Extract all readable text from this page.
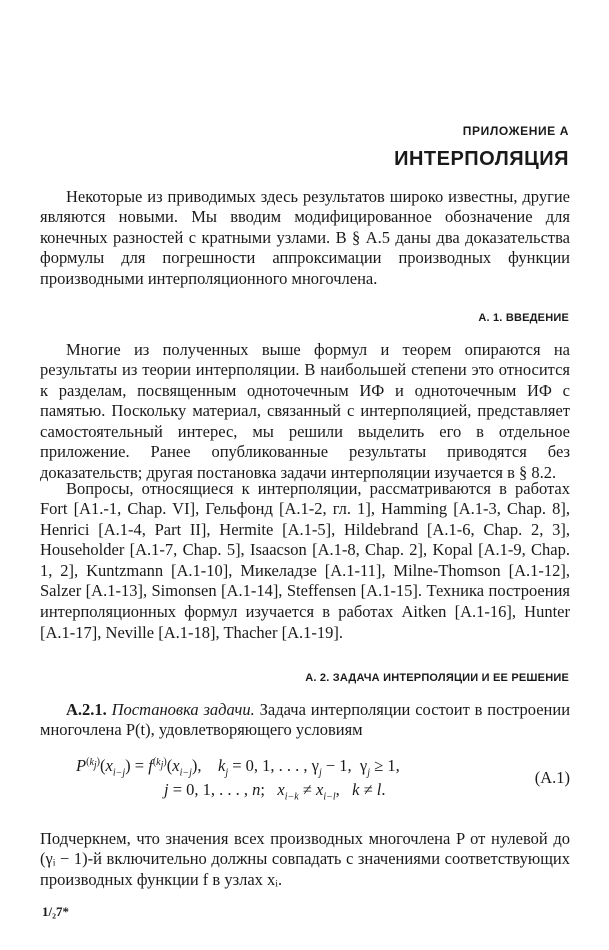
ПРИЛОЖЕНИЕ А
ИНТЕРПОЛЯЦИЯ

Некоторые из приводимых здесь результатов широко известны, другие являются новыми. Мы вводим модифицированное обозначение для конечных разностей с кратными узлами. В § А.5 даны два доказательства формулы для погрешности аппроксимации производных функции производными интерполяционного многочлена.

А. 1. ВВЕДЕНИЕ

Многие из полученных выше формул и теорем опираются на результаты из теории интерполяции. В наибольшей степени это относится к разделам, посвященным одноточечным ИФ и одноточечным ИФ с памятью. Поскольку материал, связанный с интерполяцией, представляет самостоятельный интерес, мы решили выделить его в отдельное приложение. Ранее опубликованные результаты приводятся без доказательств; другая постановка задачи интерполяции изучается в § 8.2.

Вопросы, относящиеся к интерполяции, рассматриваются в работах Fort [A1.-1, Chap. VI], Гельфонд [А.1-2, гл. 1], Hamming [A.1-3, Chap. 8], Henrici [A.1-4, Part II], Hermite [A.1-5], Hildebrand [A.1-6, Chap. 2, 3], Householder [A.1-7, Chap. 5], Isaacson [A.1-8, Chap. 2], Kopal [A.1-9, Chap. 1, 2], Kuntzmann [A.1-10], Микеладзе [A.1-11], Milne-Thomson [A.1-12], Salzer [A.1-13], Simonsen [A.1-14], Steffensen [A.1-15]. Техника построения интерполяционных формул изучается в работах Aitken [A.1-16], Hunter [A.1-17], Neville [A.1-18], Thacher [A.1-19].

А. 2. ЗАДАЧА ИНТЕРПОЛЯЦИИ И ЕЕ РЕШЕНИЕ

А.2.1. Постановка задачи. Задача интерполяции состоит в построении многочлена P(t), удовлетворяющего условиям

$P^{(k_j)}(x_{i-j}) = f^{(k_j)}(x_{i-j})$,    $k_j = 0$, 1, . . . , $\gamma_j - 1$,  $\gamma_j \ge 1$,
j = 0, 1, . . . , n;   $x_{i-k} \ne x_{i-l}$,   k ≠ l.
(А.1)

Подчеркнем, что значения всех производных многочлена P от нулевой до (γᵢ − 1)-й включительно должны совпадать с значениями соответствующих производных функции f в узлах xᵢ.

1/₂7*
